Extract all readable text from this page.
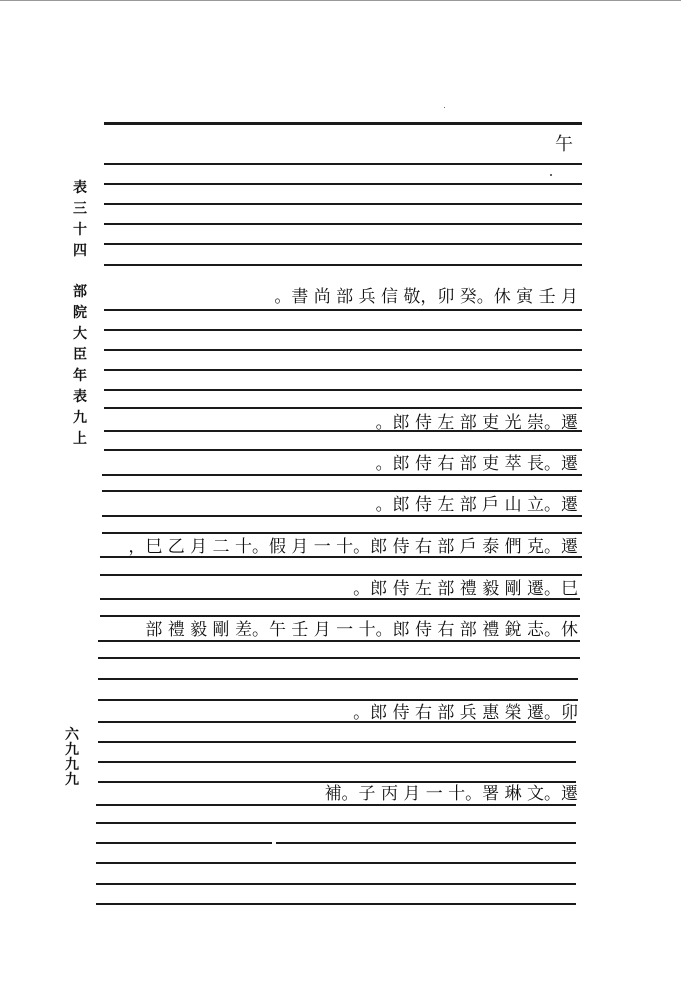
表
三
十
四
部
院
大
臣
年
表
九
上
六
九
九
九
午
月 壬 寅 休。癸 卯，敬 信 兵 部 尚 書。
遷。崇 光 吏 部 左 侍 郎。
遷。長 萃 吏 部 右 侍 郎。
遷。立 山 戶 部 左 侍 郎。
遷。克 們 泰 戶 部 右 侍 郎。十 一 月 假。十 二 月 乙 巳，
巳。遷 剛 毅 禮 部 左 侍 郎。
休。志 銳 禮 部 右 侍 郎。十 一 月 壬 午。差 剛 毅 禮 部
卯。遷 榮 惠 兵 部 右 侍 郎。
遷。文 琳 署。十 一 月 丙 子。補
